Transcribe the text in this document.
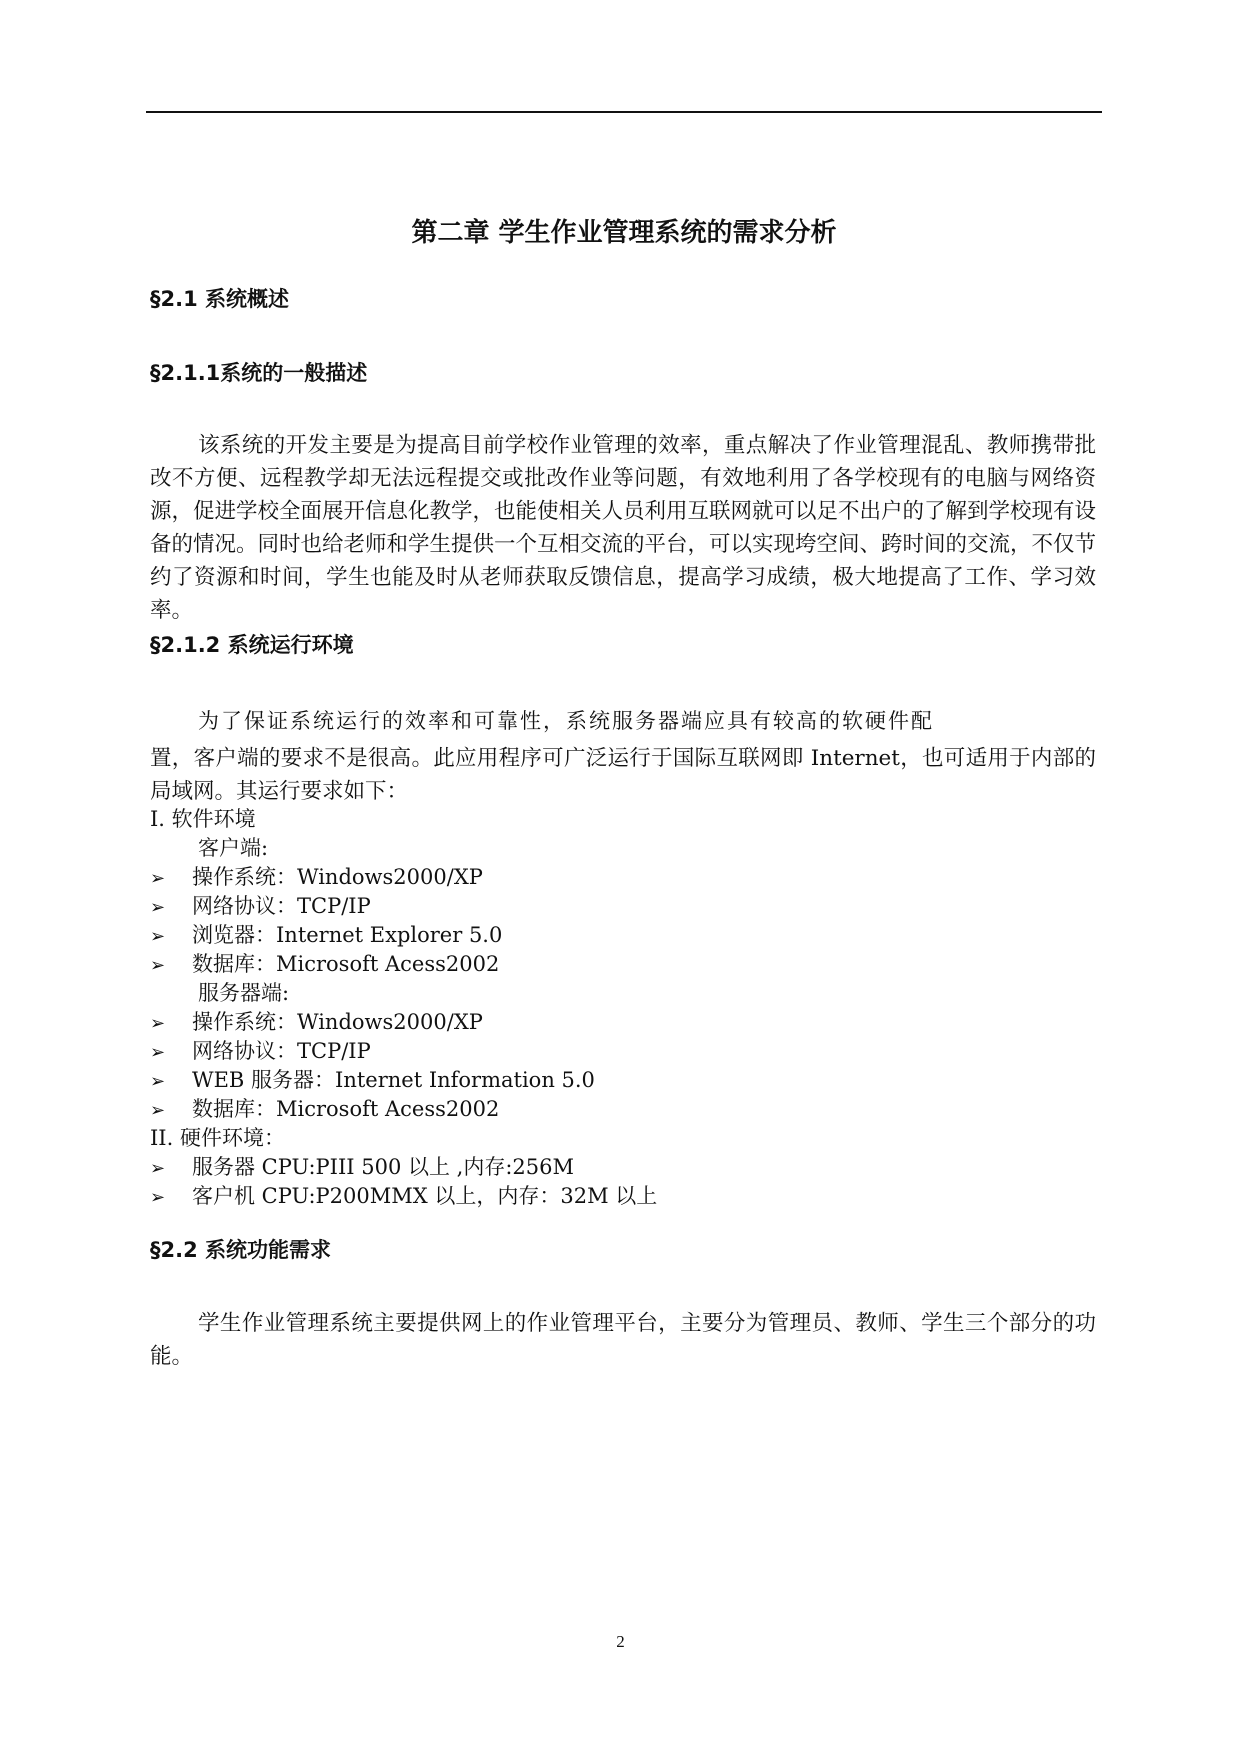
第二章 学生作业管理系统的需求分析
§2.1 系统概述
§2.1.1系统的一般描述

该系统的开发主要是为提高目前学校作业管理的效率，重点解决了作业管理混乱、教师携带批改不方便、远程教学却无法远程提交或批改作业等问题，有效地利用了各学校现有的电脑与网络资源，促进学校全面展开信息化教学，也能使相关人员利用互联网就可以足不出户的了解到学校现有设备的情况。同时也给老师和学生提供一个互相交流的平台，可以实现垮空间、跨时间的交流，不仅节约了资源和时间，学生也能及时从老师获取反馈信息，提高学习成绩，极大地提高了工作、学习效率。

§2.1.2 系统运行环境
为了保证系统运行的效率和可靠性，系统服务器端应具有较高的软硬件配

置，客户端的要求不是很高。此应用程序可广泛运行于国际互联网即 Internet，也可适用于内部的局域网。其运行要求如下：

I. 软件环境
客户端:
➢ 操作系统：Windows2000/XP
➢ 网络协议：TCP/IP
➢ 浏览器：Internet Explorer 5.0
➢ 数据库：Microsoft Acess2002
服务器端:
➢ 操作系统：Windows2000/XP
➢ 网络协议：TCP/IP
➢ WEB 服务器：Internet Information 5.0
➢ 数据库：Microsoft Acess2002
II. 硬件环境：
➢ 服务器 CPU:PIII 500 以上 ,内存:256M
➢ 客户机 CPU:P200MMX 以上，内存：32M 以上
§2.2 系统功能需求

学生作业管理系统主要提供网上的作业管理平台，主要分为管理员、教师、学生三个部分的功能。

2
